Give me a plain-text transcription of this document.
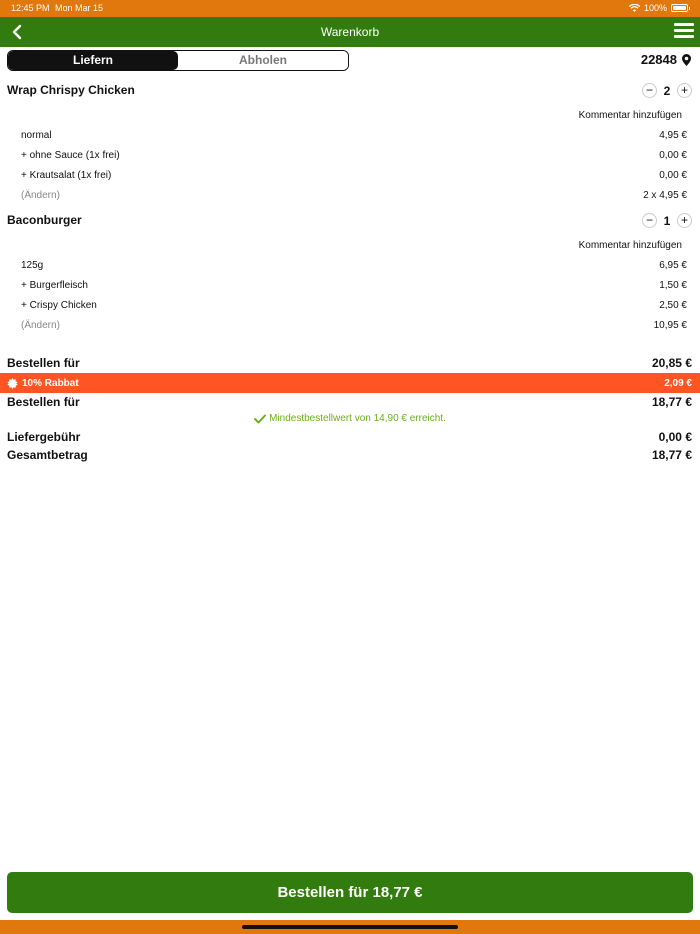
12:45 PM Mon Mar 15	100%
Warenkorb
Liefern	Abholen	22848
Wrap Chrispy Chicken	− 2 +
Kommentar hinzufügen
normal	4,95 €
+ ohne Sauce (1x frei)	0,00 €
+ Krautsalat (1x frei)	0,00 €
(Ändern)	2 x 4,95 €
Baconburger	− 1 +
Kommentar hinzufügen
125g	6,95 €
+ Burgerfleisch	1,50 €
+ Crispy Chicken	2,50 €
(Ändern)	10,95 €
Bestellen für	20,85 €
10% Rabbat	2,09 €
Bestellen für	18,77 €
Mindestbestellwert von 14,90 € erreicht.
Liefergebühr	0,00 €
Gesamtbetrag	18,77 €
Bestellen für 18,77 €
